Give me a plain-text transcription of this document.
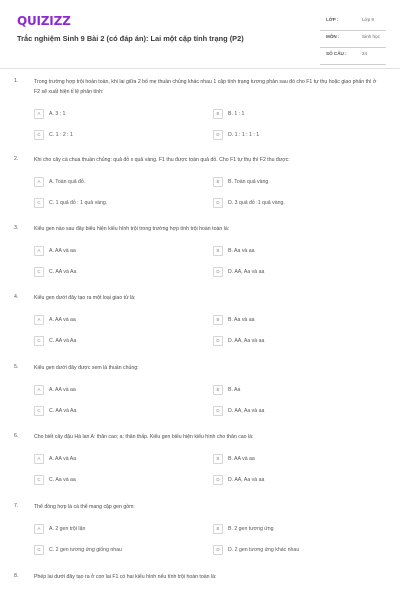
QUIZIZZ
Trắc nghiệm Sinh 9 Bài 2 (có đáp án): Lai một cặp tính trạng (P2)
LỚP :	Lớp 9
MÔN :	Sinh học
SỐ CÂU :	24
1.	Trong trường hợp trội hoàn toàn, khi lai giữa 2 bố mẹ thuần chủng khác nhau 1 cặp tính trạng tương phản sau đó cho F1 tự thụ hoặc giao phấn thì ở F2 sẽ xuất hiện tỉ lệ phân tính:
A	A. 3 : 1	B	B. 1 : 1
C	C. 1 : 2 : 1	D	D. 1 : 1 : 1 : 1
2.	Khi cho cây cà chua thuần chủng: quả đỏ x quả vàng. F1 thu được toàn quả đỏ. Cho F1 tự thụ thì F2 thu được:
A	A. Toàn quả đỏ.	B	B. Toàn quả vàng
C	C. 1 quả đỏ : 1 quả vàng.	D	D. 3 quả đỏ :1 quả vàng.
3.	Kiểu gen nào sau đây biểu hiện kiểu hình trội trong trường hợp tính trội hoàn toàn là:
A	A. AA và aa	B	B. Aa và aa
C	C. AA và Aa	D	D. AA, Aa và aa
4.	Kiểu gen dưới đây tạo ra một loại giao tử là:
A	A. AA và aa	B	B. Aa và aa
C	C. AA và Aa	D	D. AA, Aa và aa
5.	Kiểu gen dưới đây được xem là thuần chủng:
A	A. AA và aa	B	B. Aa
C	C. AA và Aa	D	D. AA, Aa và aa
6.	Cho biết cây đậu Hà lan A: thân cao; a: thân thấp. Kiểu gen biểu hiện kiểu hình cho thân cao là:
A	A. AA và Aa	B	B. AA và aa
C	C. Aa và aa	D	D. AA, Aa và aa
7.	Thể đồng hợp là cá thể mang cặp gen gồm:
A	A. 2 gen trội lặn	B	B. 2 gen tương ứng
C	C. 2 gen tương ứng giống nhau	D	D. 2 gen tương ứng khác nhau
8.	Phép lai dưới đây tạo ra ở con lai F1 có hai kiểu hình nếu tính trội hoàn toàn là:
